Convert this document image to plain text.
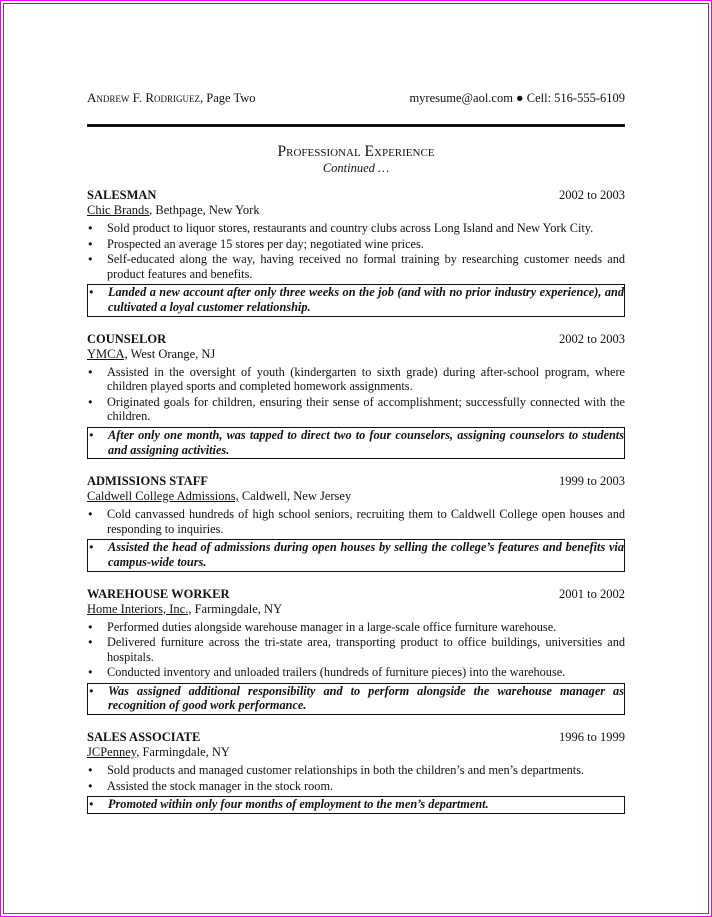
Andrew F. Rodriguez, Page Two	myresume@aol.com ● Cell: 516-555-6109
Professional Experience
Continued …
SALESMAN	2002 to 2003
Chic Brands, Bethpage, New York
● Sold product to liquor stores, restaurants and country clubs across Long Island and New York City.
● Prospected an average 15 stores per day; negotiated wine prices.
● Self-educated along the way, having received no formal training by researching customer needs and product features and benefits.
● Landed a new account after only three weeks on the job (and with no prior industry experience), and cultivated a loyal customer relationship.
COUNSELOR	2002 to 2003
YMCA, West Orange, NJ
● Assisted in the oversight of youth (kindergarten to sixth grade) during after-school program, where children played sports and completed homework assignments.
● Originated goals for children, ensuring their sense of accomplishment; successfully connected with the children.
● After only one month, was tapped to direct two to four counselors, assigning counselors to students and assigning activities.
ADMISSIONS STAFF	1999 to 2003
Caldwell College Admissions, Caldwell, New Jersey
● Cold canvassed hundreds of high school seniors, recruiting them to Caldwell College open houses and responding to inquiries.
● Assisted the head of admissions during open houses by selling the college’s features and benefits via campus-wide tours.
WAREHOUSE WORKER	2001 to 2002
Home Interiors, Inc., Farmingdale, NY
● Performed duties alongside warehouse manager in a large-scale office furniture warehouse.
● Delivered furniture across the tri-state area, transporting product to office buildings, universities and hospitals.
● Conducted inventory and unloaded trailers (hundreds of furniture pieces) into the warehouse.
● Was assigned additional responsibility and to perform alongside the warehouse manager as recognition of good work performance.
SALES ASSOCIATE	1996 to 1999
JCPenney, Farmingdale, NY
● Sold products and managed customer relationships in both the children’s and men’s departments.
● Assisted the stock manager in the stock room.
● Promoted within only four months of employment to the men’s department.
